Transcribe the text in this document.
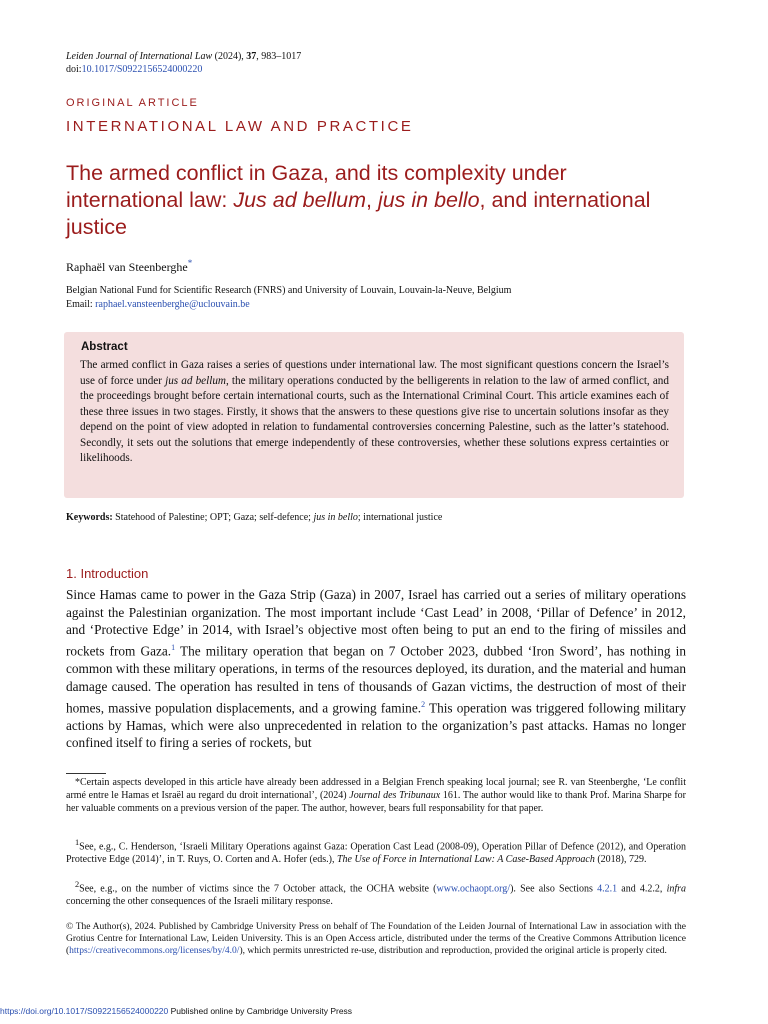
Leiden Journal of International Law (2024), 37, 983–1017
doi:10.1017/S0922156524000220
ORIGINAL ARTICLE
INTERNATIONAL LAW AND PRACTICE
The armed conflict in Gaza, and its complexity under international law: Jus ad bellum, jus in bello, and international justice
Raphaël van Steenberghe*
Belgian National Fund for Scientific Research (FNRS) and University of Louvain, Louvain-la-Neuve, Belgium
Email: raphael.vansteenberghe@uclouvain.be
Abstract
The armed conflict in Gaza raises a series of questions under international law. The most significant questions concern the Israel’s use of force under jus ad bellum, the military operations conducted by the belligerents in relation to the law of armed conflict, and the proceedings brought before certain international courts, such as the International Criminal Court. This article examines each of these three issues in two stages. Firstly, it shows that the answers to these questions give rise to uncertain solutions insofar as they depend on the point of view adopted in relation to fundamental controversies concerning Palestine, such as the latter’s statehood. Secondly, it sets out the solutions that emerge independently of these controversies, whether these solutions express certainties or likelihoods.
Keywords: Statehood of Palestine; OPT; Gaza; self-defence; jus in bello; international justice
1. Introduction
Since Hamas came to power in the Gaza Strip (Gaza) in 2007, Israel has carried out a series of military operations against the Palestinian organization. The most important include ‘Cast Lead’ in 2008, ‘Pillar of Defence’ in 2012, and ‘Protective Edge’ in 2014, with Israel’s objective most often being to put an end to the firing of missiles and rockets from Gaza.$^1$ The military operation that began on 7 October 2023, dubbed ‘Iron Sword’, has nothing in common with these military operations, in terms of the resources deployed, its duration, and the material and human damage caused. The operation has resulted in tens of thousands of Gazan victims, the destruction of most of their homes, massive population displacements, and a growing famine.$^2$ This operation was triggered following military actions by Hamas, which were also unprecedented in relation to the organization’s past attacks. Hamas no longer confined itself to firing a series of rockets, but
*Certain aspects developed in this article have already been addressed in a Belgian French speaking local journal; see R. van Steenberghe, ‘Le conflit armé entre le Hamas et Israël au regard du droit international’, (2024) Journal des Tribunaux 161. The author would like to thank Prof. Marina Sharpe for her valuable comments on a previous version of the paper. The author, however, bears full responsability for that paper.
$^1$See, e.g., C. Henderson, ‘Israeli Military Operations against Gaza: Operation Cast Lead (2008-09), Operation Pillar of Defence (2012), and Operation Protective Edge (2014)’, in T. Ruys, O. Corten and A. Hofer (eds.), The Use of Force in International Law: A Case-Based Approach (2018), 729.
$^2$See, e.g., on the number of victims since the 7 October attack, the OCHA website (www.ochaopt.org/). See also Sections 4.2.1 and 4.2.2, infra concerning the other consequences of the Israeli military response.
© The Author(s), 2024. Published by Cambridge University Press on behalf of The Foundation of the Leiden Journal of International Law in association with the Grotius Centre for International Law, Leiden University. This is an Open Access article, distributed under the terms of the Creative Commons Attribution licence (https://creativecommons.org/licenses/by/4.0/), which permits unrestricted re-use, distribution and reproduction, provided the original article is properly cited.
https://doi.org/10.1017/S0922156524000220 Published online by Cambridge University Press
